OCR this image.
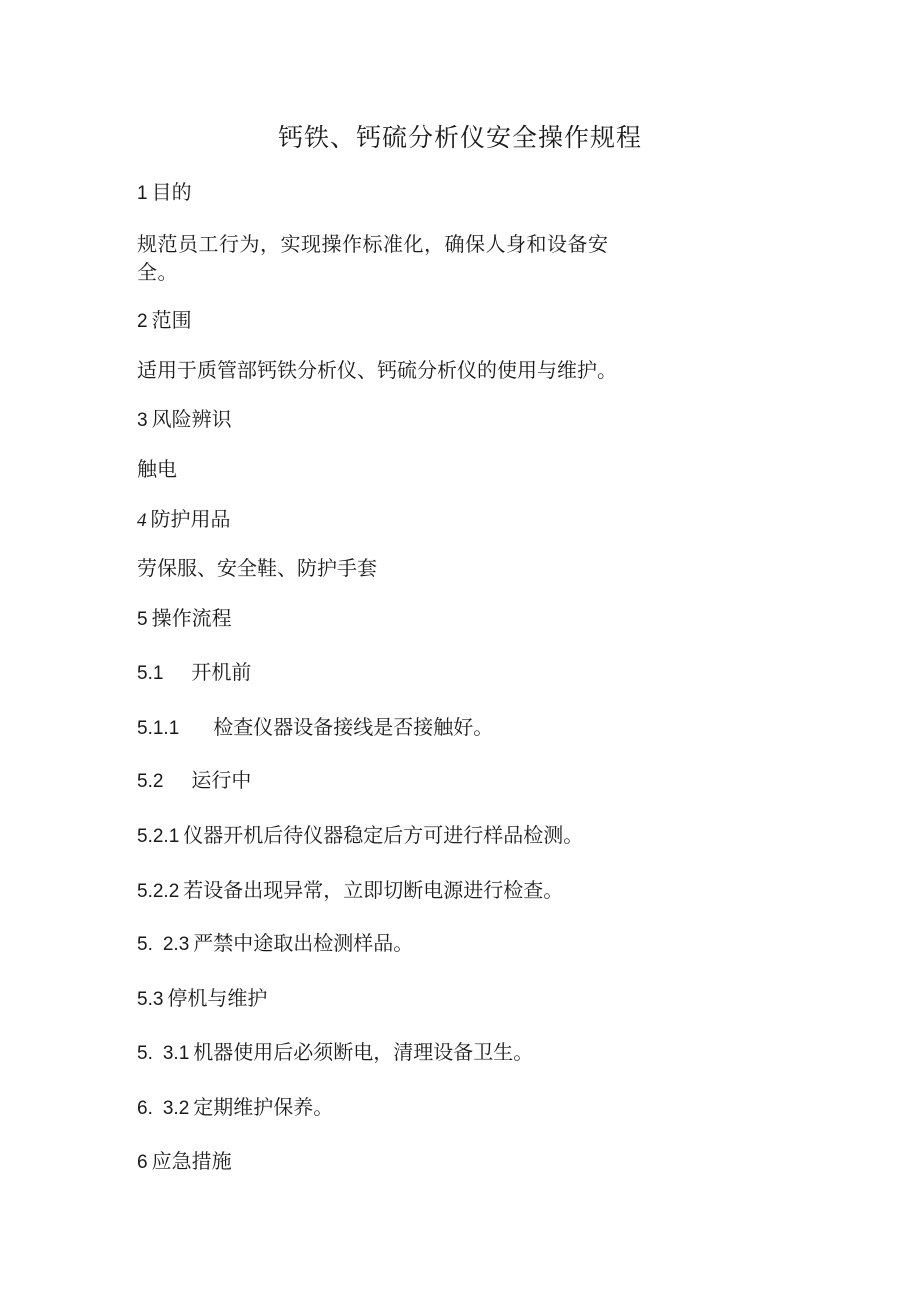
钙铁、钙硫分析仪安全操作规程
1 目的
规范员工行为，实现操作标准化，确保人身和设备安全。
2 范围
适用于质管部钙铁分析仪、钙硫分析仪的使用与维护。
3 风险辨识
触电
4 防护用品
劳保服、安全鞋、防护手套
5 操作流程
5.1 开机前
5.1.1 检查仪器设备接线是否接触好。
5.2 运行中
5.2.1 仪器开机后待仪器稳定后方可进行样品检测。
5.2.2 若设备出现异常，立即切断电源进行检查。
5. 2.3 严禁中途取出检测样品。
5.3 停机与维护
5. 3.1 机器使用后必须断电，清理设备卫生。
6. 3.2 定期维护保养。
6 应急措施
